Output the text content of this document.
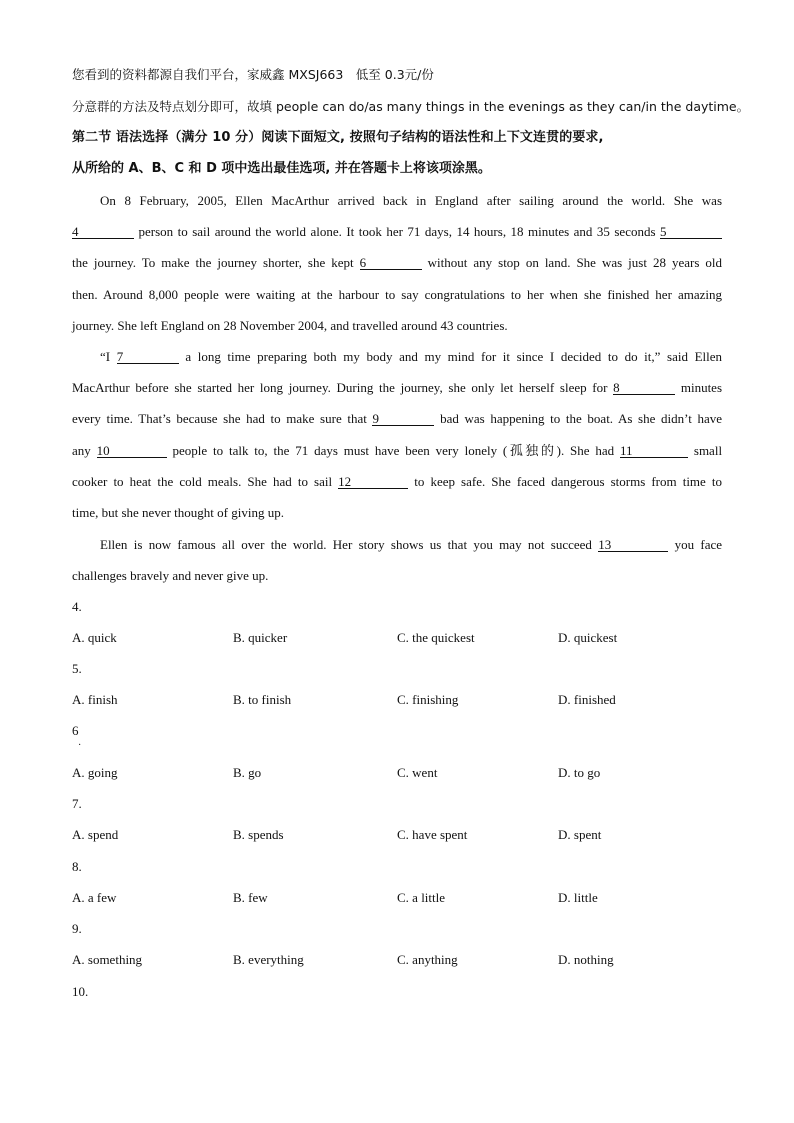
您看到的资料都源自我们平台，家威鑫 MXSJ663　低至 0.3元/份
分意群的方法及特点划分即可，故填 people can do/as many things in the evenings as they can/in the daytime。
第二节 语法选择（满分 10 分）阅读下面短文, 按照句子结构的语法性和上下文连贯的要求,
从所给的 A、B、C 和 D 项中选出最佳选项, 并在答题卡上将该项涂黑。
On 8 February, 2005, Ellen MacArthur arrived back in England after sailing around the world. She was
4	person to sail around the world alone. It took her 71 days, 14 hours, 18 minutes and 35 seconds 5
the journey. To make the journey shorter, she kept 6	without any stop on land. She was just 28 years old
then. Around 8,000 people were waiting at the harbour to say congratulations to her when she finished her amazing
journey. She left England on 28 November 2004, and travelled around 43 countries.
“I 7	a long time preparing both my body and my mind for it since I decided to do it,” said Ellen
MacArthur before she started her long journey. During the journey, she only let herself sleep for 8	minutes
every time. That’s because she had to make sure that 9	bad was happening to the boat. As she didn’t have
any 10	people to talk to, the 71 days must have been very lonely (孤独的). She had 11	small
cooker to heat the cold meals. She had to sail 12	to keep safe. She faced dangerous storms from time to
time, but she never thought of giving up.
Ellen is now famous all over the world. Her story shows us that you may not succeed 13	you face
challenges bravely and never give up.
4.
A. quick	B. quicker	C. the quickest	D. quickest
5.
A. finish	B. to finish	C. finishing	D. finished
6
·
A. going	B. go	C. went	D. to go
7.
A. spend	B. spends	C. have spent	D. spent
8.
A. a few	B. few	C. a little	D. little
9.
A. something	B. everything	C. anything	D. nothing
10.
